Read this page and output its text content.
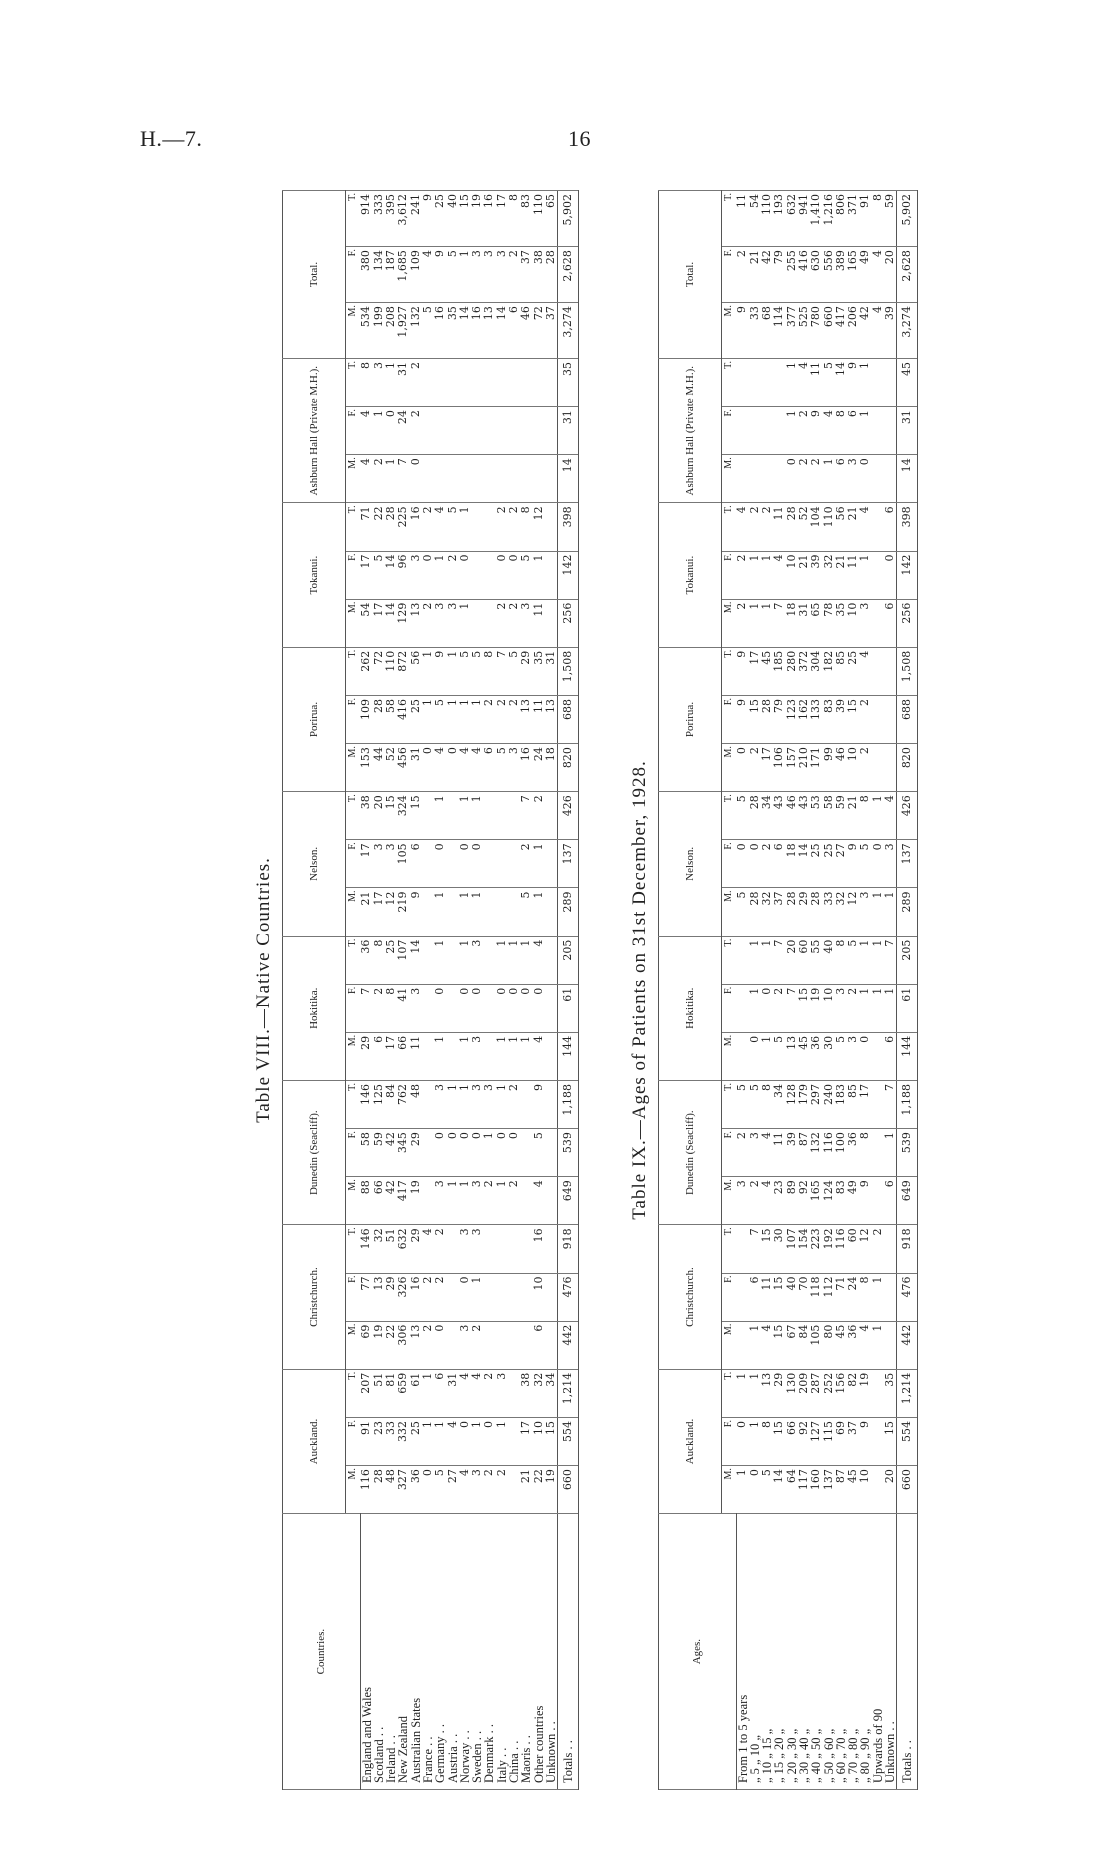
H.—7.	16
Table VIII.—Native Countries.
Countries.	Auckland.			Christchurch.			Dunedin (Seacliff).			Hokitika.			Nelson.			Porirua.			Tokanui.			Ashburn Hall (Private M.H.).			Total.		
	M.	F.	T.	M.	F.	T.	M.	F.	T.	M.	F.	T.	M.	F.	T.	M.	F.	T.	M.	F.	T.	M.	F.	T.	M.	F.	T.
England and Wales	116	91	207	69	77	146	88	58	146	29	7	36	21	17	38	153	109	262	54	17	71	4	4	8	534	380	914
Scotland . .	28	23	51	19	13	32	66	59	125	6	2	8	17	3	20	44	28	72	17	5	22	2	1	3	199	134	333
Ireland . .	48	33	81	22	29	51	42	42	84	17	8	25	12	3	15	52	58	110	14	14	28	1	0	1	208	187	395
New Zealand	327	332	659	306	326	632	417	345	762	66	41	107	219	105	324	456	416	872	129	96	225	7	24	31	1,927	1,685	3,612
Australian States	36	25	61	13	16	29	19	29	48	11	3	14	9	6	15	31	25	56	13	3	16	0	2	2	132	109	241
France . .	0	1	1	2	2	4										0	1	1	2	0	2				5	4	9
Germany . .	5	1	6	0	2	2	3	0	3	1	0	1	1	0	1	4	5	9	3	1	4				16	9	25
Austria . .	27	4	31				1	0	1							0	1	1	3	2	5				35	5	40
Norway . .	4	0	4	3	0	3	1	0	1	1	0	1	1	0	1	4	1	5	1	0	1				14	1	15
Sweden . .	3	1	4	2	1	3	3	0	3	3	0	3	1	0	1	4	1	5							16	3	19
Denmark . .	2	0	2				2	1	3							6	2	8							13	3	16
Italy . .	2	1	3				1	0	1	1	0	1				5	2	7	2	0	2				14	3	17
China . .							2	0	2	1	0	1				3	2	5	2	0	2				6	2	8
Maoris . .	21	17	38							1	0	1	5	2	7	16	13	29	3	5	8				46	37	83
Other countries	22	10	32	6	10	16	4	5	9	4	0	4	1	1	2	24	11	35	11	1	12				72	38	110
Unknown . .	19	15	34													18	13	31							37	28	65
Totals . .	660	554	1,214	442	476	918	649	539	1,188	144	61	205	289	137	426	820	688	1,508	256	142	398	14	31	35	3,274	2,628	5,902
Table IX.—Ages of Patients on 31st December, 1928.
Ages.	Auckland.			Christchurch.			Dunedin (Seacliff).			Hokitika.			Nelson.			Porirua.			Tokanui.			Ashburn Hall (Private M.H.).			Total.		
	M.	F.	T.	M.	F.	T.	M.	F.	T.	M.	F.	T.	M.	F.	T.	M.	F.	T.	M.	F.	T.	M.	F.	T.	M.	F.	T.
From 1 to 5 years	1	0	1				3	2	5				5	0	5	0	9	9	2	2	4				9	2	11
„ 5 „ 10 „	0	1	1	1	6	7	2	3	5	0	1	1	28	0	28	2	15	17	1	1	2				33	21	54
„ 10 „ 15 „	5	8	13	4	11	15	4	4	8	1	0	1	32	2	34	17	28	45	1	1	2				68	42	110
„ 15 „ 20 „	14	15	29	15	15	30	23	11	34	5	2	7	37	6	43	106	79	185	7	4	11				114	79	193
„ 20 „ 30 „	64	66	130	67	40	107	89	39	128	13	7	20	28	18	46	157	123	280	18	10	28	0	1	1	377	255	632
„ 30 „ 40 „	117	92	209	84	70	154	92	87	179	45	15	60	29	14	43	210	162	372	31	21	52	2	2	4	525	416	941
„ 40 „ 50 „	160	127	287	105	118	223	165	132	297	36	19	55	28	25	53	171	133	304	65	39	104	2	9	11	780	630	1,410
„ 50 „ 60 „	137	115	252	80	112	192	124	116	240	30	10	40	33	25	58	99	83	182	78	32	110	1	4	5	660	556	1,216
„ 60 „ 70 „	87	69	156	45	71	116	83	100	183	5	3	8	32	27	59	46	39	85	35	21	56	6	8	14	417	389	806
„ 70 „ 80 „	45	37	82	36	24	60	49	36	85	3	2	5	12	9	21	10	15	25	10	11	21	3	6	9	206	165	371
„ 80 „ 90 „	10	9	19	4	8	12	9	8	17	0	1	1	3	5	8	2	2	4	3	1	4	0	1	1	42	49	91
Upwards of 90				1	1	2					1	1	1	0	1										4	4	8
Unknown . .	20	15	35				6	1	7	6	1	7	1	3	4				6	0	6				39	20	59
Totals . .	660	554	1,214	442	476	918	649	539	1,188	144	61	205	289	137	426	820	688	1,508	256	142	398	14	31	45	3,274	2,628	5,902
